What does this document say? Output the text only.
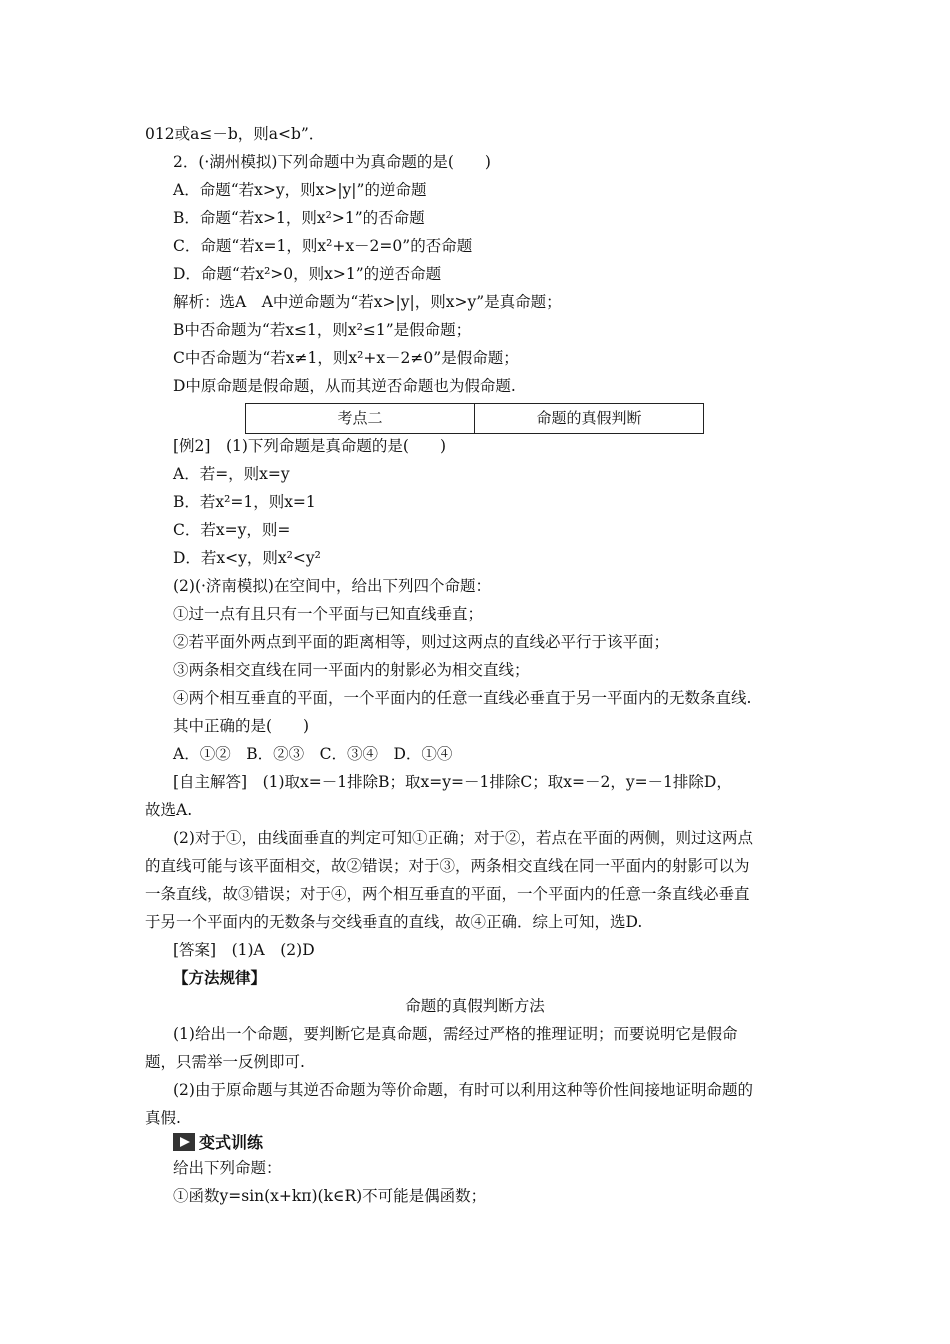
012或a≤－b，则a<b”．
2．(·湖州模拟)下列命题中为真命题的是(　　)
A．命题“若x>y，则x>|y|”的逆命题
B．命题“若x>1，则x²>1”的否命题
C．命题“若x=1，则x²+x－2=0”的否命题
D．命题“若x²>0，则x>1”的逆否命题
解析：选A　A中逆命题为“若x>|y|，则x>y”是真命题；
B中否命题为“若x≤1，则x²≤1”是假命题；
C中否命题为“若x≠1，则x²+x－2≠0”是假命题；
D中原命题是假命题，从而其逆否命题也为假命题.
考点二	命题的真假判断
[例2]　(1)下列命题是真命题的是(　　)
A．若=，则x=y
B．若x²=1，则x=1
C．若x=y，则=
D．若x<y，则x²<y²
(2)(·济南模拟)在空间中，给出下列四个命题：
①过一点有且只有一个平面与已知直线垂直；
②若平面外两点到平面的距离相等，则过这两点的直线必平行于该平面；
③两条相交直线在同一平面内的射影必为相交直线；
④两个相互垂直的平面，一个平面内的任意一直线必垂直于另一平面内的无数条直线.
其中正确的是(　　)
A．①②　B．②③　C．③④　D．①④
[自主解答]　(1)取x=－1排除B；取x=y=－1排除C；取x=－2，y=－1排除D，
故选A.
(2)对于①，由线面垂直的判定可知①正确；对于②，若点在平面的两侧，则过这两点
的直线可能与该平面相交，故②错误；对于③，两条相交直线在同一平面内的射影可以为
一条直线，故③错误；对于④，两个相互垂直的平面，一个平面内的任意一条直线必垂直
于另一个平面内的无数条与交线垂直的直线，故④正确．综上可知，选D.
[答案]　(1)A　(2)D
【方法规律】
命题的真假判断方法
(1)给出一个命题，要判断它是真命题，需经过严格的推理证明；而要说明它是假命
题，只需举一反例即可.
(2)由于原命题与其逆否命题为等价命题，有时可以利用这种等价性间接地证明命题的
真假.
变式训练
给出下列命题：
①函数y=sin(x+kπ)(k∈R)不可能是偶函数；
